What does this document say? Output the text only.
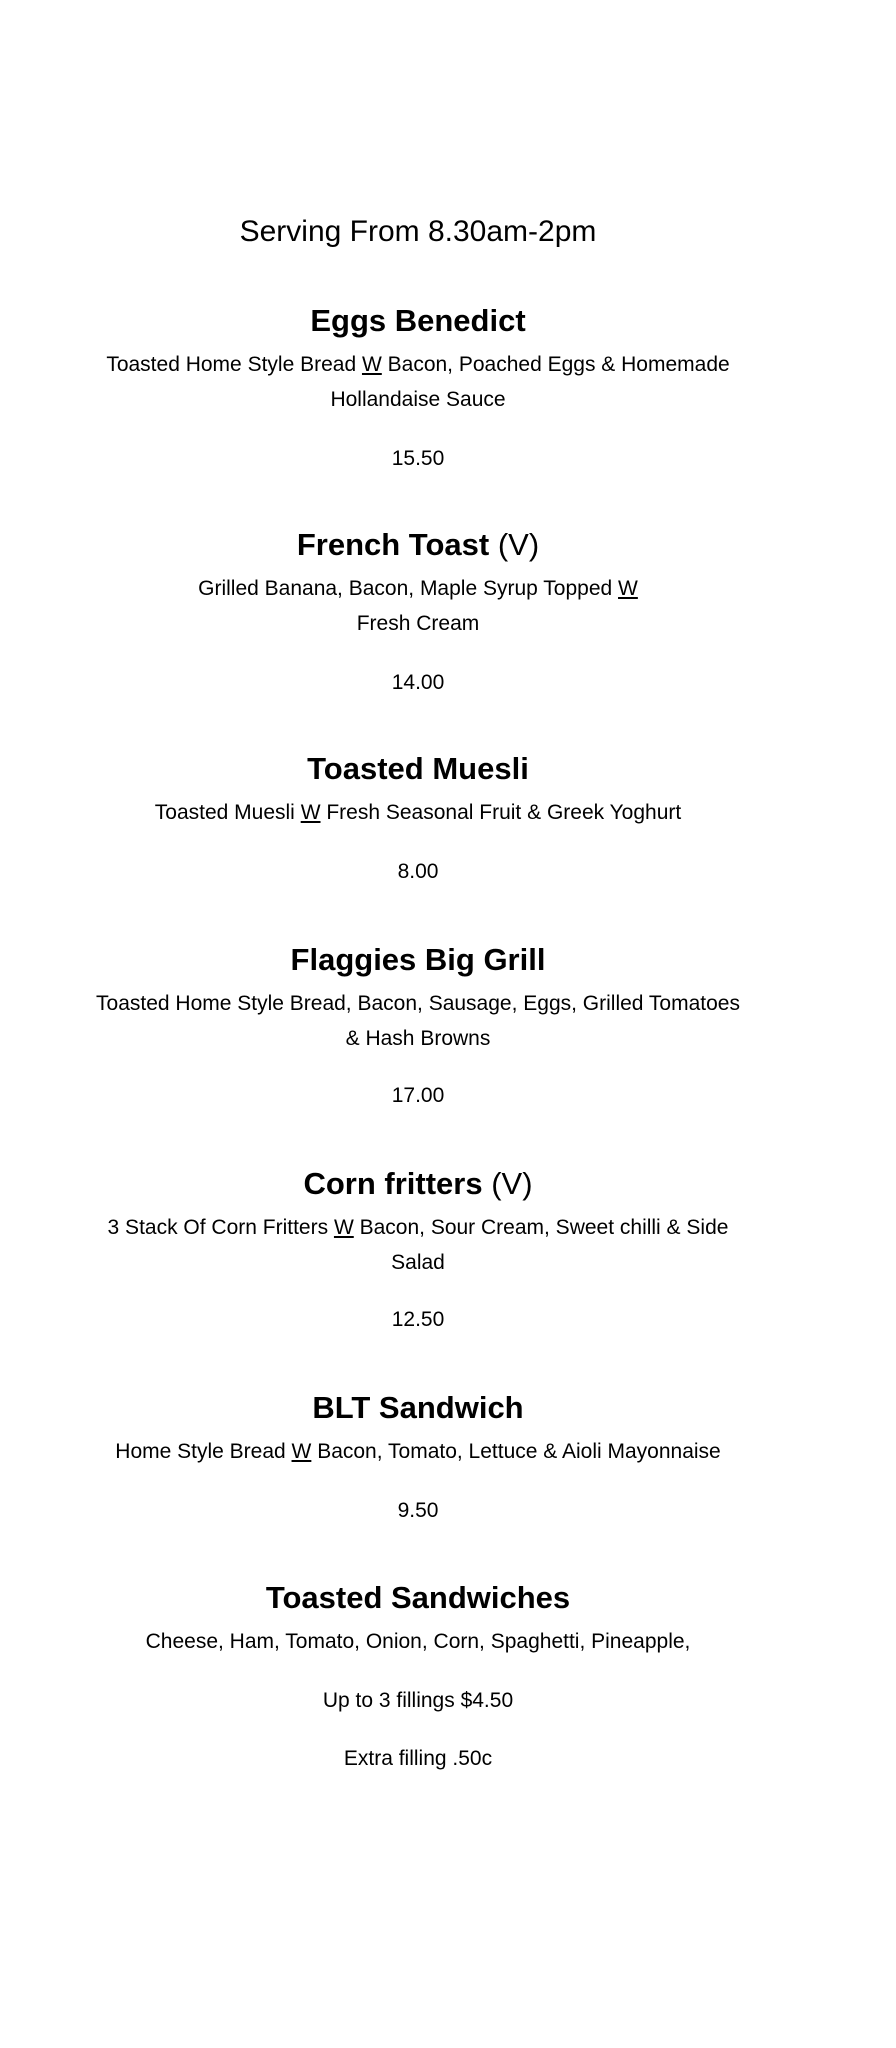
Serving From 8.30am-2pm
Eggs Benedict
Toasted Home Style Bread W Bacon, Poached Eggs & Homemade
Hollandaise Sauce
15.50
French Toast (V)
Grilled Banana, Bacon, Maple Syrup Topped W
Fresh Cream
14.00
Toasted Muesli
Toasted Muesli W Fresh Seasonal Fruit & Greek Yoghurt
8.00
Flaggies Big Grill
Toasted Home Style Bread, Bacon, Sausage, Eggs, Grilled Tomatoes
& Hash Browns
17.00
Corn fritters (V)
3 Stack Of Corn Fritters W Bacon, Sour Cream, Sweet chilli & Side
Salad
12.50
BLT Sandwich
Home Style Bread W Bacon, Tomato, Lettuce & Aioli Mayonnaise
9.50
Toasted Sandwiches
Cheese, Ham, Tomato, Onion, Corn, Spaghetti, Pineapple,
Up to 3 fillings $4.50
Extra filling .50c
